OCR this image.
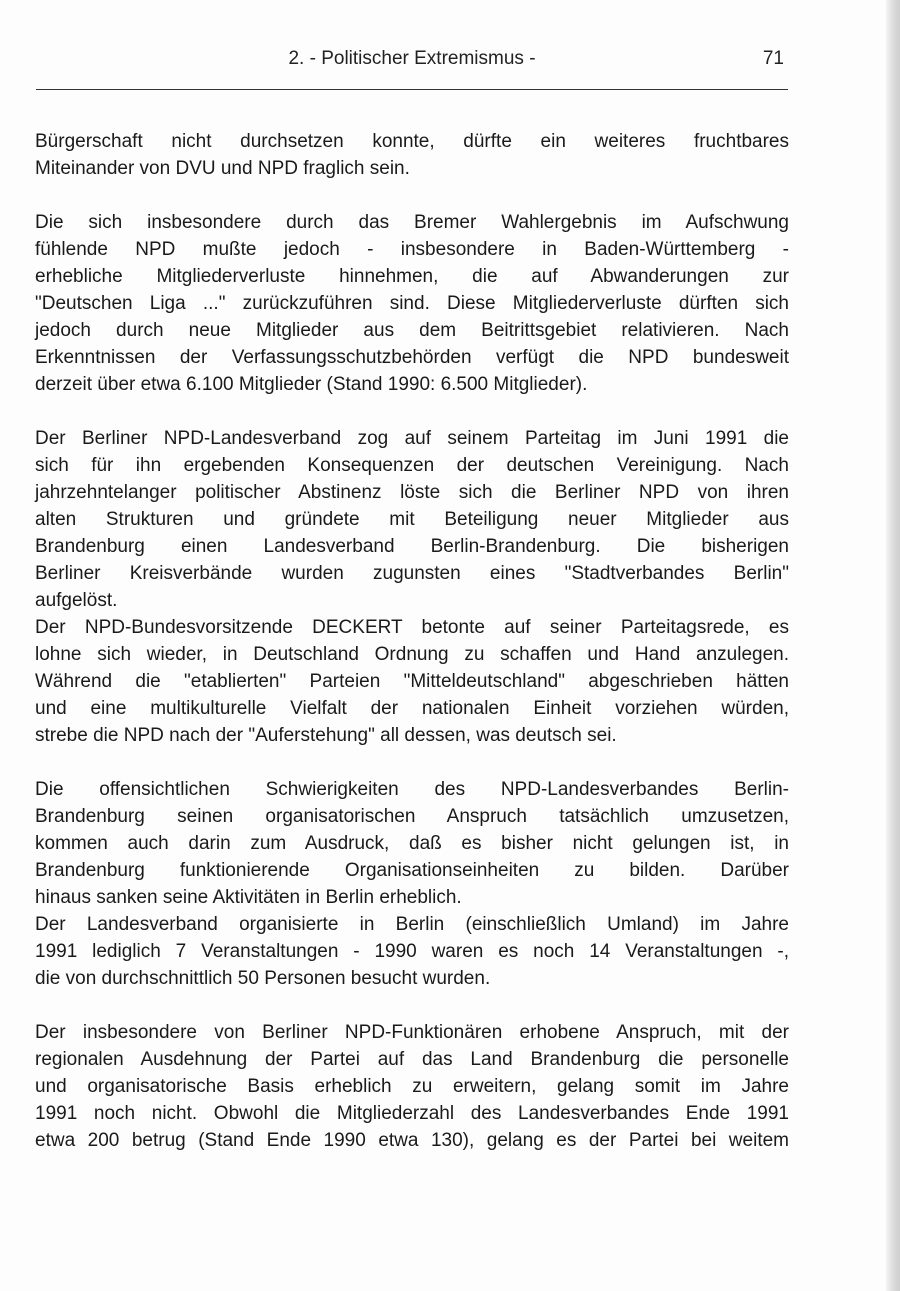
2. - Politischer Extremismus -	71

Bürgerschaft nicht durchsetzen konnte, dürfte ein weiteres fruchtbares
Miteinander von DVU und NPD fraglich sein.

Die sich insbesondere durch das Bremer Wahlergebnis im Aufschwung
fühlende NPD mußte jedoch - insbesondere in Baden-Württemberg -
erhebliche Mitgliederverluste hinnehmen, die auf Abwanderungen zur
"Deutschen Liga ..." zurückzuführen sind. Diese Mitgliederverluste dürften sich
jedoch durch neue Mitglieder aus dem Beitrittsgebiet relativieren. Nach
Erkenntnissen der Verfassungsschutzbehörden verfügt die NPD bundesweit
derzeit über etwa 6.100 Mitglieder (Stand 1990: 6.500 Mitglieder).

Der Berliner NPD-Landesverband zog auf seinem Parteitag im Juni 1991 die
sich für ihn ergebenden Konsequenzen der deutschen Vereinigung. Nach
jahrzehntelanger politischer Abstinenz löste sich die Berliner NPD von ihren
alten Strukturen und gründete mit Beteiligung neuer Mitglieder aus
Brandenburg einen Landesverband Berlin-Brandenburg. Die bisherigen
Berliner Kreisverbände wurden zugunsten eines "Stadtverbandes Berlin"
aufgelöst.

Der NPD-Bundesvorsitzende DECKERT betonte auf seiner Parteitagsrede, es
lohne sich wieder, in Deutschland Ordnung zu schaffen und Hand anzulegen.
Während die "etablierten" Parteien "Mitteldeutschland" abgeschrieben hätten
und eine multikulturelle Vielfalt der nationalen Einheit vorziehen würden,
strebe die NPD nach der "Auferstehung" all dessen, was deutsch sei.

Die offensichtlichen Schwierigkeiten des NPD-Landesverbandes Berlin-
Brandenburg seinen organisatorischen Anspruch tatsächlich umzusetzen,
kommen auch darin zum Ausdruck, daß es bisher nicht gelungen ist, in
Brandenburg funktionierende Organisationseinheiten zu bilden. Darüber
hinaus sanken seine Aktivitäten in Berlin erheblich.

Der Landesverband organisierte in Berlin (einschließlich Umland) im Jahre
1991 lediglich 7 Veranstaltungen - 1990 waren es noch 14 Veranstaltungen -,
die von durchschnittlich 50 Personen besucht wurden.

Der insbesondere von Berliner NPD-Funktionären erhobene Anspruch, mit der
regionalen Ausdehnung der Partei auf das Land Brandenburg die personelle
und organisatorische Basis erheblich zu erweitern, gelang somit im Jahre
1991 noch nicht. Obwohl die Mitgliederzahl des Landesverbandes Ende 1991
etwa 200 betrug (Stand Ende 1990 etwa 130), gelang es der Partei bei weitem
